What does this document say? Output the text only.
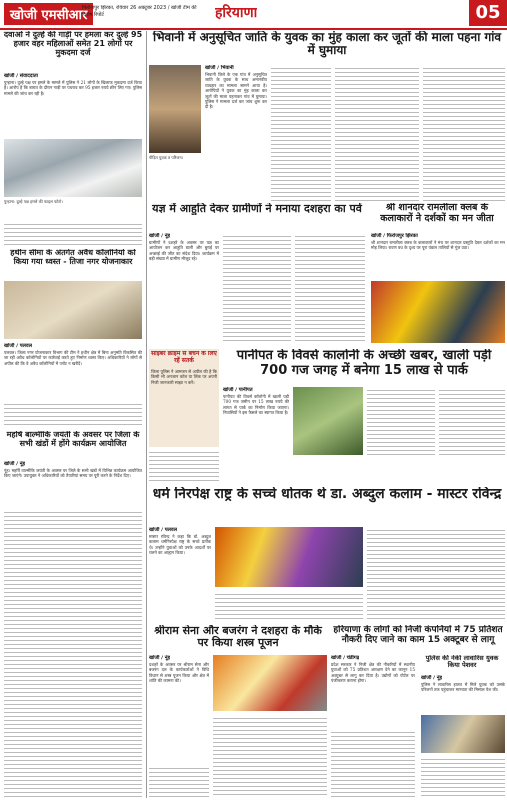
खोजी एमसीआर
फिरोजपुर झिरका, रविवार 26 अक्टूबर 2023 / खोजी टीम की विशेष रिपोर्ट	हरियाणा	05
दवाओं ने दुल्हे की गाड़ी पर हमला कर दुल्हे 95 हजार वहर महिलाओं समेत 21 लोगों पर मुकदमा दर्ज
खोजी / संवाददाता
पुन्हाना। दुल्हे पक्ष पर हमले के मामले में पुलिस ने 21 लोगों के खिलाफ मुकदमा दर्ज किया है। आरोप है कि बारात के दौरान गाड़ी पर पथराव कर 95 हजार रुपये छीन लिए गए। पुलिस मामले की जांच कर रही है।
पुन्हाना: दुल्हे पक्ष हमले की फाइल फोटो।
हथीन सीमा के अंतर्गत अवैध कॉलोनियों को किया गया ध्वस्त - तिजा नगर योजनाकार
खोजी / पलवल
पलवल। जिला नगर योजनाकार विभाग की टीम ने हथीन क्षेत्र में बिना अनुमति विकसित की जा रही अवैध कॉलोनियों पर कार्रवाई करते हुए निर्माण ध्वस्त किए। अधिकारियों ने लोगों से अपील की कि वे अवैध कॉलोनियों में प्लॉट न खरीदें।
महर्षि बाल्मीकि जयंती के अवसर पर जिला के सभी खंडों में होंगे कार्यक्रम आयोजित
खोजी / नूंह
नूंह। महर्षि वाल्मीकि जयंती के अवसर पर जिले के सभी खंडों में विभिन्न कार्यक्रम आयोजित किए जाएंगे। उपायुक्त ने अधिकारियों को तैयारियां समय पर पूरी करने के निर्देश दिए।
भिवानी में अनुसूचित जाति के युवक का मुंह काला कर जूतों की माला पहना गांव में घुमाया
पीड़ित युवक व परिजन।
खोजी / भिवानी
भिवानी जिले के एक गांव में अनुसूचित जाति के युवक के साथ अमानवीय व्यवहार का मामला सामने आया है। आरोपियों ने युवक का मुंह काला कर जूतों की माला पहनाकर गांव में घुमाया। पुलिस ने मामला दर्ज कर जांच शुरू कर दी है।
यज्ञ में आहुति देकर ग्रामीणों ने मनाया दशहरा का पर्व
खोजी / नूंह
ग्रामीणों ने दशहरे के अवसर पर यज्ञ का आयोजन कर आहुति डाली और बुराई पर अच्छाई की जीत का संदेश दिया। कार्यक्रम में बड़ी संख्या में ग्रामीण मौजूद रहे।
श्री शानदार रामलीला क्लब के कलाकारों ने दर्शकों का मन जीता
खोजी / फिरोजपुर झिरका
श्री शानदार रामलीला क्लब के कलाकारों ने मंच पर शानदार प्रस्तुति देकर दर्शकों का मन मोह लिया। रावण वध के दृश्य पर पूरा पंडाल तालियों से गूंज उठा।
साइबर क्राइम से बचने के लिए रहें सतर्क
जिला पुलिस ने आमजन से अपील की है कि किसी भी अनजान कॉल या लिंक पर अपनी निजी जानकारी साझा न करें।
पानीपत के विवर्स कालोनी के अच्छी खबर, खाली पड़ी 700 गज जगह में बनेगा 15 लाख से पार्क
खोजी / पानीपत
पानीपत की विवर्स कॉलोनी में खाली पड़ी 700 गज जमीन पर 15 लाख रुपये की लागत से पार्क का निर्माण किया जाएगा। निवासियों ने इस फैसले का स्वागत किया है।
धर्म निरपेक्ष राष्ट्र के सच्चे धोतक थे डा. अब्दुल कलाम - मास्टर रविन्द्र
खोजी / पलवल
मास्टर रविन्द्र ने कहा कि डॉ. अब्दुल कलाम धर्मनिरपेक्ष राष्ट्र के सच्चे प्रतीक थे। उन्होंने युवाओं को उनके आदर्शों पर चलने का आह्वान किया।
श्रीराम सेना और बजरंग ने दशहरा के मौके पर किया शस्त्र पूजन
खोजी / नूंह
दशहरे के अवसर पर श्रीराम सेना और बजरंग दल के कार्यकर्ताओं ने विधि विधान से शस्त्र पूजन किया और क्षेत्र में शांति की कामना की।
हरियाणा के लोगों को निजी कंपनियों में 75 प्रतिशत नौकरी दिए जाने का काम 15 अक्टूबर से लागू
खोजी / चंडीगढ़
प्रदेश सरकार ने निजी क्षेत्र की नौकरियों में स्थानीय युवाओं को 75 प्रतिशत आरक्षण देने का कानून 15 अक्टूबर से लागू कर दिया है। उद्योगों को पोर्टल पर पंजीकरण कराना होगा।
पुलिस की नेकी लावारिस युवक किया पेशवर
खोजी / नूंह
पुलिस ने लावारिस हालत में मिले युवक को उसके परिजनों तक पहुंचाकर मानवता की मिसाल पेश की।
